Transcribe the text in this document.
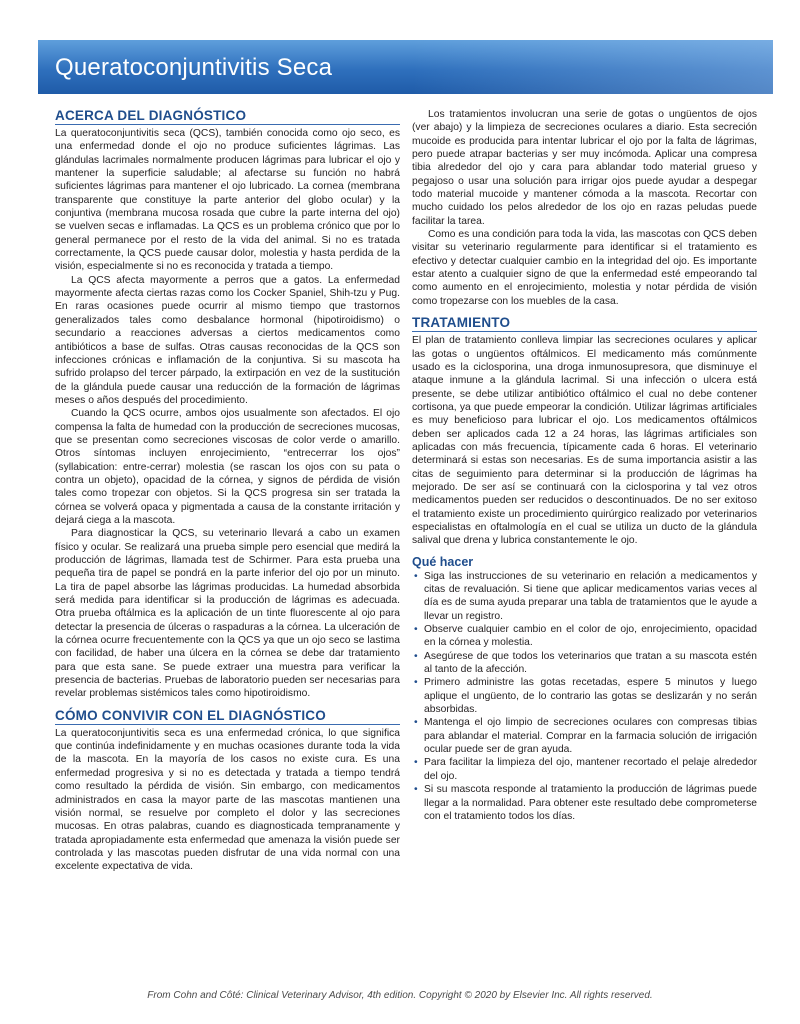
Queratoconjuntivitis Seca
ACERCA DEL DIAGNÓSTICO

La queratoconjuntivitis seca (QCS), también conocida como ojo seco, es una enfermedad donde el ojo no produce suficientes lágrimas. Las glándulas lacrimales normalmente producen lágrimas para lubricar el ojo y mantener la superficie saludable; al afectarse su función no habrá suficientes lágrimas para mantener el ojo lubricado. La cornea (membrana transparente que constituye la parte anterior del globo ocular) y la conjuntiva (membrana mucosa rosada que cubre la parte interna del ojo) se vuelven secas e inflamadas. La QCS es un problema crónico que por lo general permanece por el resto de la vida del animal. Si no es tratada correctamente, la QCS puede causar dolor, molestia y hasta perdida de la visión, especialmente si no es reconocida y tratada a tiempo.

La QCS afecta mayormente a perros que a gatos. La enfermedad mayormente afecta ciertas razas como los Cocker Spaniel, Shih-tzu y Pug. En raras ocasiones puede ocurrir al mismo tiempo que trastornos generalizados tales como desbalance hormonal (hipotiroidismo) o secundario a reacciones adversas a ciertos medicamentos como antibióticos a base de sulfas. Otras causas reconocidas de la QCS son infecciones crónicas e inflamación de la conjuntiva. Si su mascota ha sufrido prolapso del tercer párpado, la extirpación en vez de la sustitución de la glándula puede causar una reducción de la formación de lágrimas meses o años después del procedimiento.

Cuando la QCS ocurre, ambos ojos usualmente son afectados. El ojo compensa la falta de humedad con la producción de secreciones mucosas, que se presentan como secreciones viscosas de color verde o amarillo. Otros síntomas incluyen enrojecimiento, “entrecerrar los ojos” (syllabication: entre-cerrar) molestia (se rascan los ojos con su pata o contra un objeto), opacidad de la córnea, y signos de pérdida de visión tales como tropezar con objetos. Si la QCS progresa sin ser tratada la córnea se volverá opaca y pigmentada a causa de la constante irritación y dejará ciega a la mascota.

Para diagnosticar la QCS, su veterinario llevará a cabo un examen físico y ocular. Se realizará una prueba simple pero esencial que medirá la producción de lágrimas, llamada test de Schirmer. Para esta prueba una pequeña tira de papel se pondrá en la parte inferior del ojo por un minuto. La tira de papel absorbe las lágrimas producidas. La humedad absorbida será medida para identificar si la producción de lágrimas es adecuada. Otra prueba oftálmica es la aplicación de un tinte fluorescente al ojo para detectar la presencia de úlceras o raspaduras a la córnea. La ulceración de la córnea ocurre frecuentemente con la QCS ya que un ojo seco se lastima con facilidad, de haber una úlcera en la córnea se debe dar tratamiento para que esta sane. Se puede extraer una muestra para verificar la presencia de bacterias. Pruebas de laboratorio pueden ser necesarias para revelar problemas sistémicos tales como hipotiroidismo.

CÓMO CONVIVIR CON EL DIAGNÓSTICO

La queratoconjuntivitis seca es una enfermedad crónica, lo que significa que continúa indefinidamente y en muchas ocasiones durante toda la vida de la mascota. En la mayoría de los casos no existe cura. Es una enfermedad progresiva y si no es detectada y tratada a tiempo tendrá como resultado la pérdida de visión. Sin embargo, con medicamentos administrados en casa la mayor parte de las mascotas mantienen una visión normal, se resuelve por completo el dolor y las secreciones mucosas. En otras palabras, cuando es diagnosticada tempranamente y tratada apropiadamente esta enfermedad que amenaza la visión puede ser controlada y las mascotas pueden disfrutar de una vida normal con una excelente expectativa de vida.

Los tratamientos involucran una serie de gotas o ungüentos de ojos (ver abajo) y la limpieza de secreciones oculares a diario. Esta secreción mucoide es producida para intentar lubricar el ojo por la falta de lágrimas, pero puede atrapar bacterias y ser muy incómoda. Aplicar una compresa tibia alrededor del ojo y cara para ablandar todo material grueso y pegajoso o usar una solución para irrigar ojos puede ayudar a despegar todo material mucoide y mantener cómoda a la mascota. Recortar con mucho cuidado los pelos alrededor de los ojo en razas peludas puede facilitar la tarea.

Como es una condición para toda la vida, las mascotas con QCS deben visitar su veterinario regularmente para identificar si el tratamiento es efectivo y detectar cualquier cambio en la integridad del ojo. Es importante estar atento a cualquier signo de que la enfermedad esté empeorando tal como aumento en el enrojecimiento, molestia y notar pérdida de visión como tropezarse con los muebles de la casa.

TRATAMIENTO

El plan de tratamiento conlleva limpiar las secreciones oculares y aplicar las gotas o ungüentos oftálmicos. El medicamento más comúnmente usado es la ciclosporina, una droga inmunosupresora, que disminuye el ataque inmune a la glándula lacrimal. Si una infección o ulcera está presente, se debe utilizar antibiótico oftálmico el cual no debe contener cortisona, ya que puede empeorar la condición. Utilizar lágrimas artificiales es muy beneficioso para lubricar el ojo. Los medicamentos oftálmicos deben ser aplicados cada 12 a 24 horas, las lágrimas artificiales son aplicadas con más frecuencia, típicamente cada 6 horas. El veterinario determinará si estas son necesarias. Es de suma importancia asistir a las citas de seguimiento para determinar si la producción de lágrimas ha mejorado. De ser así se continuará con la ciclosporina y tal vez otros medicamentos pueden ser reducidos o descontinuados. De no ser exitoso el tratamiento existe un procedimiento quirúrgico realizado por veterinarios especialistas en oftalmología en el cual se utiliza un ducto de la glándula salival que drena y lubrica constantemente le ojo.

Qué hacer
• Siga las instrucciones de su veterinario en relación a medicamentos y citas de revaluación. Si tiene que aplicar medicamentos varias veces al día es de suma ayuda preparar una tabla de tratamientos que le ayude a llevar un registro.
• Observe cualquier cambio en el color de ojo, enrojecimiento, opacidad en la córnea y molestia.
• Asegúrese de que todos los veterinarios que tratan a su mascota estén al tanto de la afección.
• Primero administre las gotas recetadas, espere 5 minutos y luego aplique el ungüento, de lo contrario las gotas se deslizarán y no serán absorbidas.
• Mantenga el ojo limpio de secreciones oculares con compresas tibias para ablandar el material. Comprar en la farmacia solución de irrigación ocular puede ser de gran ayuda.
• Para facilitar la limpieza del ojo, mantener recortado el pelaje alrededor del ojo.
• Si su mascota responde al tratamiento la producción de lágrimas puede llegar a la normalidad. Para obtener este resultado debe comprometerse con el tratamiento todos los días.
From Cohn and Côté: Clinical Veterinary Advisor, 4th edition. Copyright © 2020 by Elsevier Inc. All rights reserved.
